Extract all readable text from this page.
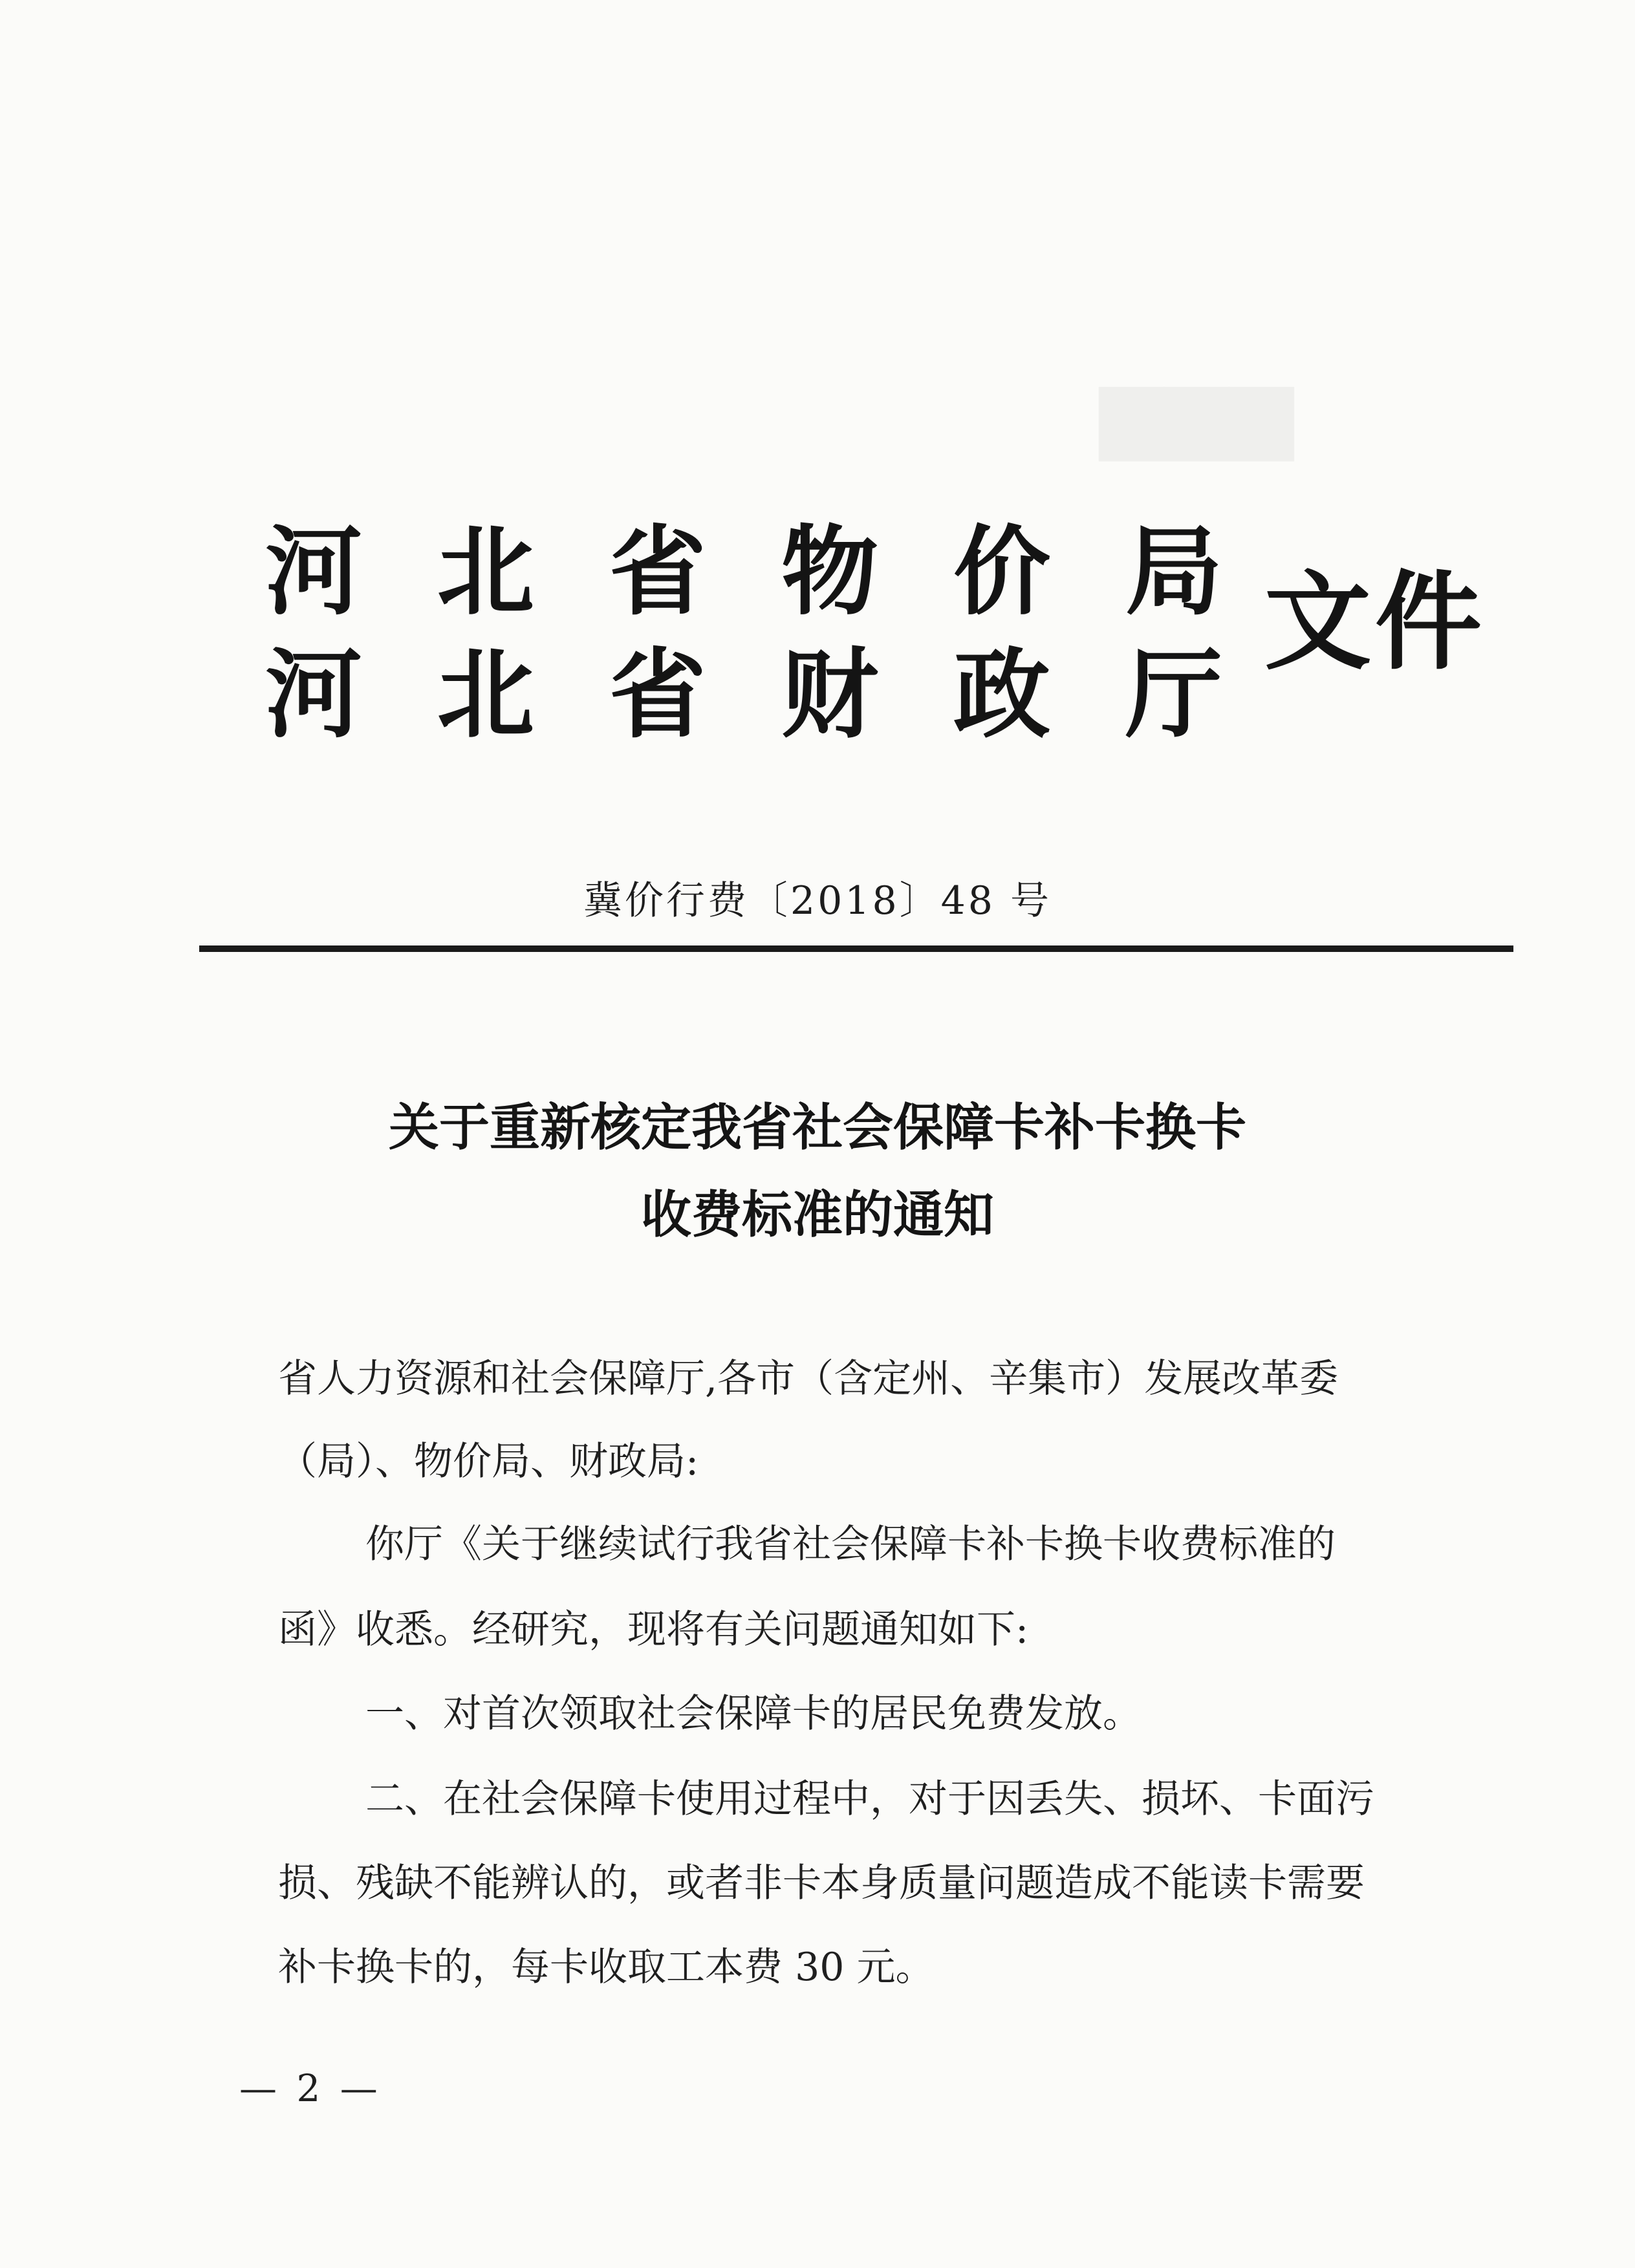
河 北 省 物 价 局
河 北 省 财 政 厅
文件
冀价行费〔2018〕48 号
关于重新核定我省社会保障卡补卡换卡
收费标准的通知
省人力资源和社会保障厅,各市（含定州、辛集市）发展改革委
（局）、物价局、财政局:
你厅《关于继续试行我省社会保障卡补卡换卡收费标准的
函》收悉。经研究，现将有关问题通知如下:
一、对首次领取社会保障卡的居民免费发放。
二、在社会保障卡使用过程中，对于因丢失、损坏、卡面污
损、残缺不能辨认的，或者非卡本身质量问题造成不能读卡需要
补卡换卡的，每卡收取工本费 30 元。
— 2 —
